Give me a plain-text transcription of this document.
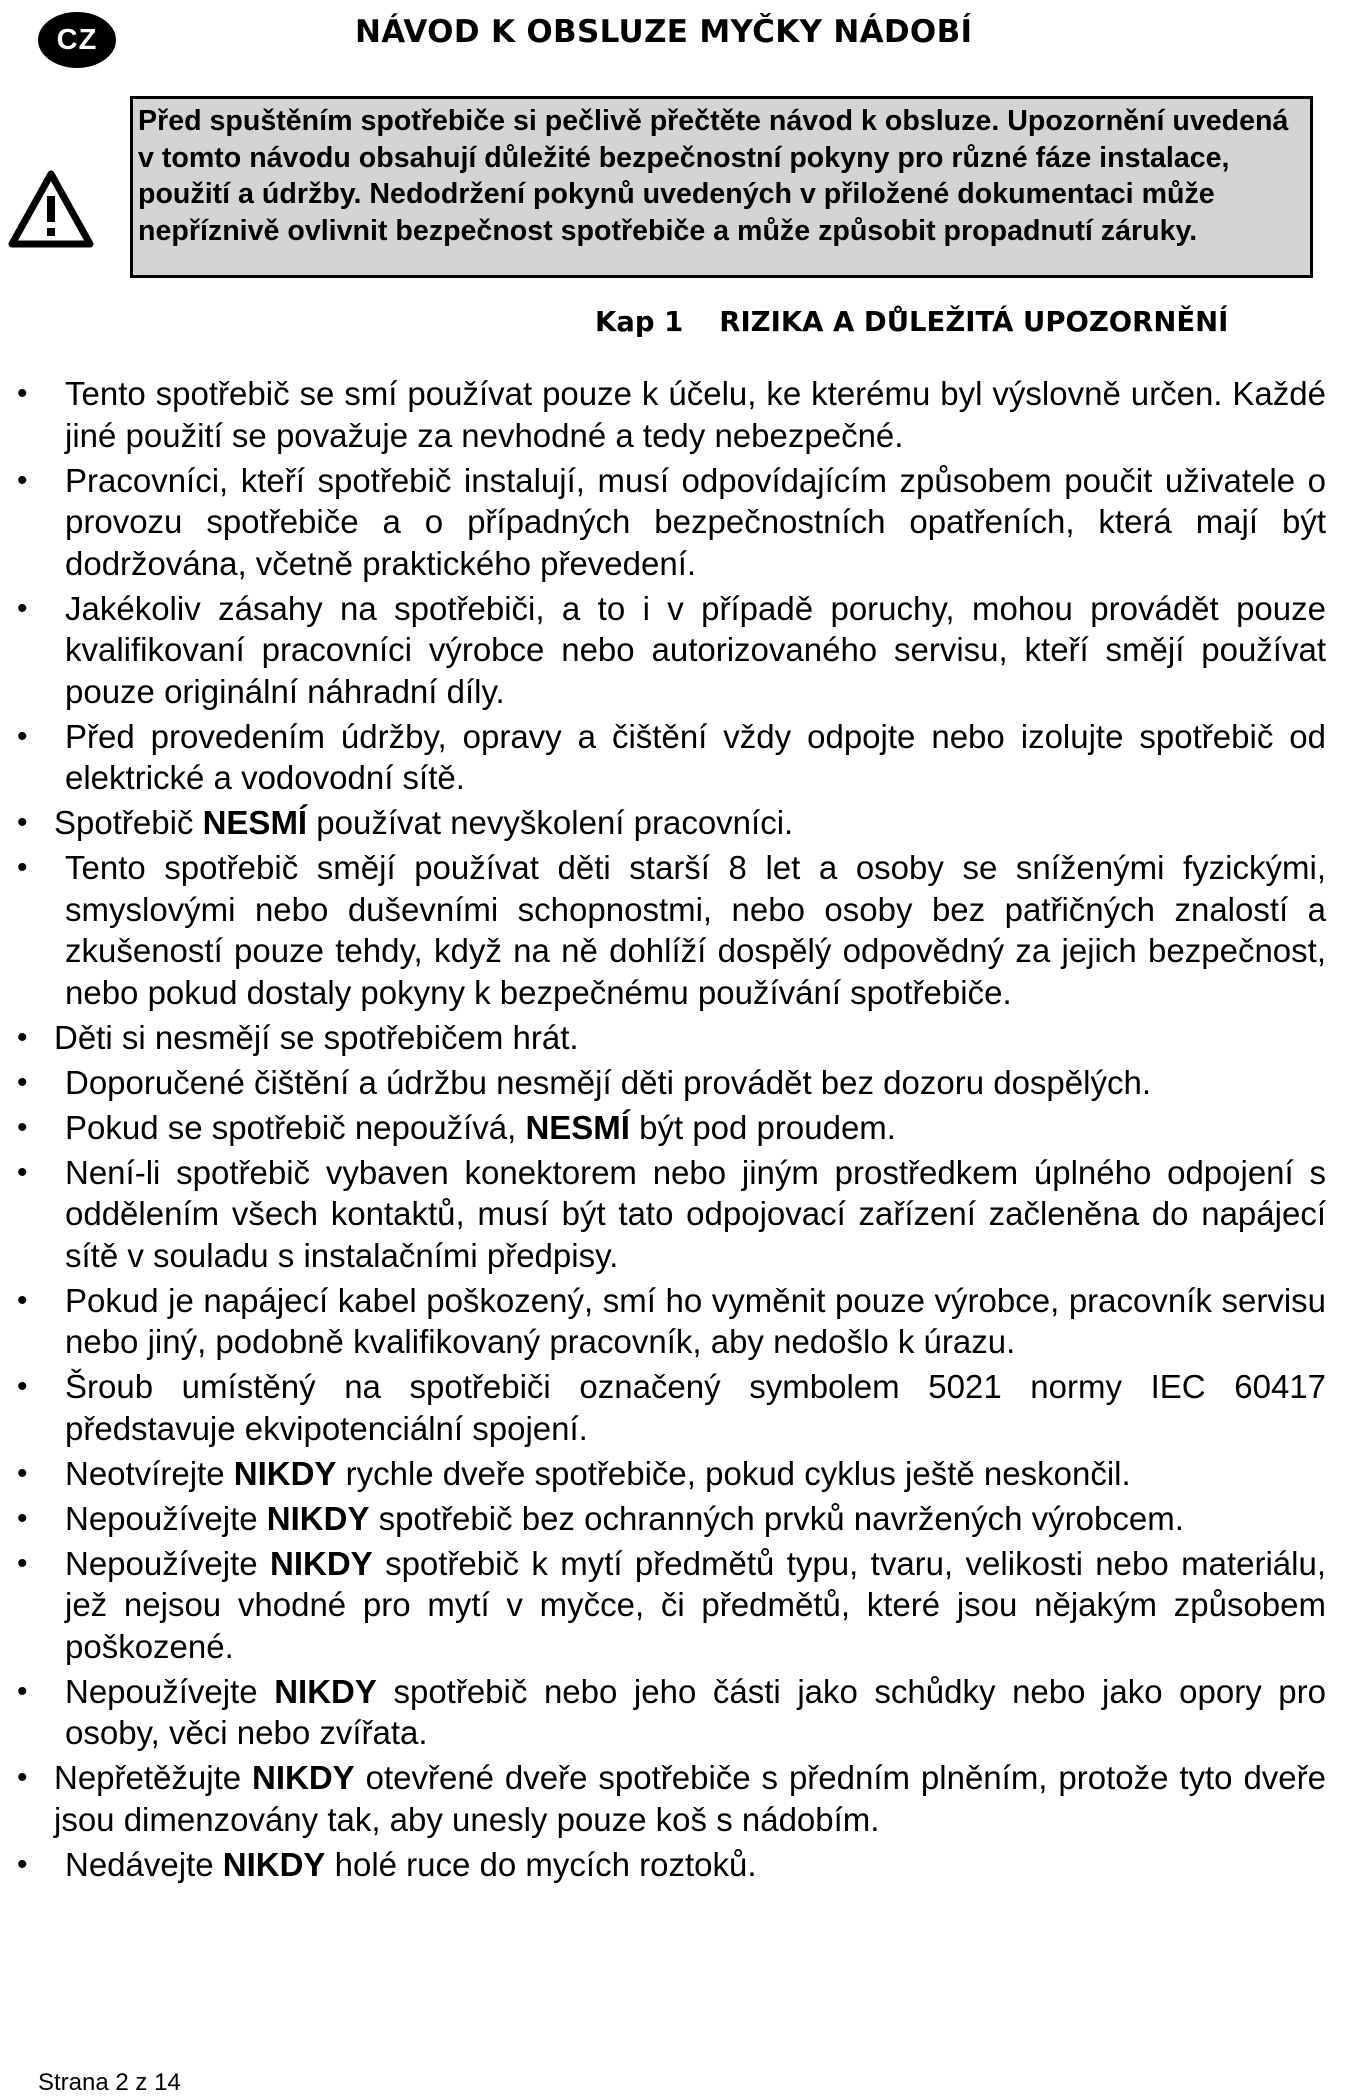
CZ	NÁVOD K OBSLUZE MYČKY NÁDOBÍ
Před spuštěním spotřebiče si pečlivě přečtěte návod k obsluze. Upozornění uvedená v tomto návodu obsahují důležité bezpečnostní pokyny pro různé fáze instalace, použití a údržby. Nedodržení pokynů uvedených v přiložené dokumentaci může nepříznivě ovlivnit bezpečnost spotřebiče a může způsobit propadnutí záruky.
Kap 1 RIZIKA A DŮLEŽITÁ UPOZORNĚNÍ
• Tento spotřebič se smí používat pouze k účelu, ke kterému byl výslovně určen. Každé jiné použití se považuje za nevhodné a tedy nebezpečné.
• Pracovníci, kteří spotřebič instalují, musí odpovídajícím způsobem poučit uživatele o provozu spotřebiče a o případných bezpečnostních opatřeních, která mají být dodržována, včetně praktického převedení.
• Jakékoliv zásahy na spotřebiči, a to i v případě poruchy, mohou provádět pouze kvalifikovaní pracovníci výrobce nebo autorizovaného servisu, kteří smějí používat pouze originální náhradní díly.
• Před provedením údržby, opravy a čištění vždy odpojte nebo izolujte spotřebič od elektrické a vodovodní sítě.
• Spotřebič NESMÍ používat nevyškolení pracovníci.
• Tento spotřebič smějí používat děti starší 8 let a osoby se sníženými fyzickými, smyslovými nebo duševními schopnostmi, nebo osoby bez patřičných znalostí a zkušeností pouze tehdy, když na ně dohlíží dospělý odpovědný za jejich bezpečnost, nebo pokud dostaly pokyny k bezpečnému používání spotřebiče.
• Děti si nesmějí se spotřebičem hrát.
• Doporučené čištění a údržbu nesmějí děti provádět bez dozoru dospělých.
• Pokud se spotřebič nepoužívá, NESMÍ být pod proudem.
• Není-li spotřebič vybaven konektorem nebo jiným prostředkem úplného odpojení s oddělením všech kontaktů, musí být tato odpojovací zařízení začleněna do napájecí sítě v souladu s instalačními předpisy.
• Pokud je napájecí kabel poškozený, smí ho vyměnit pouze výrobce, pracovník servisu nebo jiný, podobně kvalifikovaný pracovník, aby nedošlo k úrazu.
• Šroub umístěný na spotřebiči označený symbolem 5021 normy IEC 60417 představuje ekvipotenciální spojení.
• Neotvírejte NIKDY rychle dveře spotřebiče, pokud cyklus ještě neskončil.
• Nepoužívejte NIKDY spotřebič bez ochranných prvků navržených výrobcem.
• Nepoužívejte NIKDY spotřebič k mytí předmětů typu, tvaru, velikosti nebo materiálu, jež nejsou vhodné pro mytí v myčce, či předmětů, které jsou nějakým způsobem poškozené.
• Nepoužívejte NIKDY spotřebič nebo jeho části jako schůdky nebo jako opory pro osoby, věci nebo zvířata.
• Nepřetěžujte NIKDY otevřené dveře spotřebiče s předním plněním, protože tyto dveře jsou dimenzovány tak, aby unesly pouze koš s nádobím.
• Nedávejte NIKDY holé ruce do mycích roztoků.
Strana 2 z 14
